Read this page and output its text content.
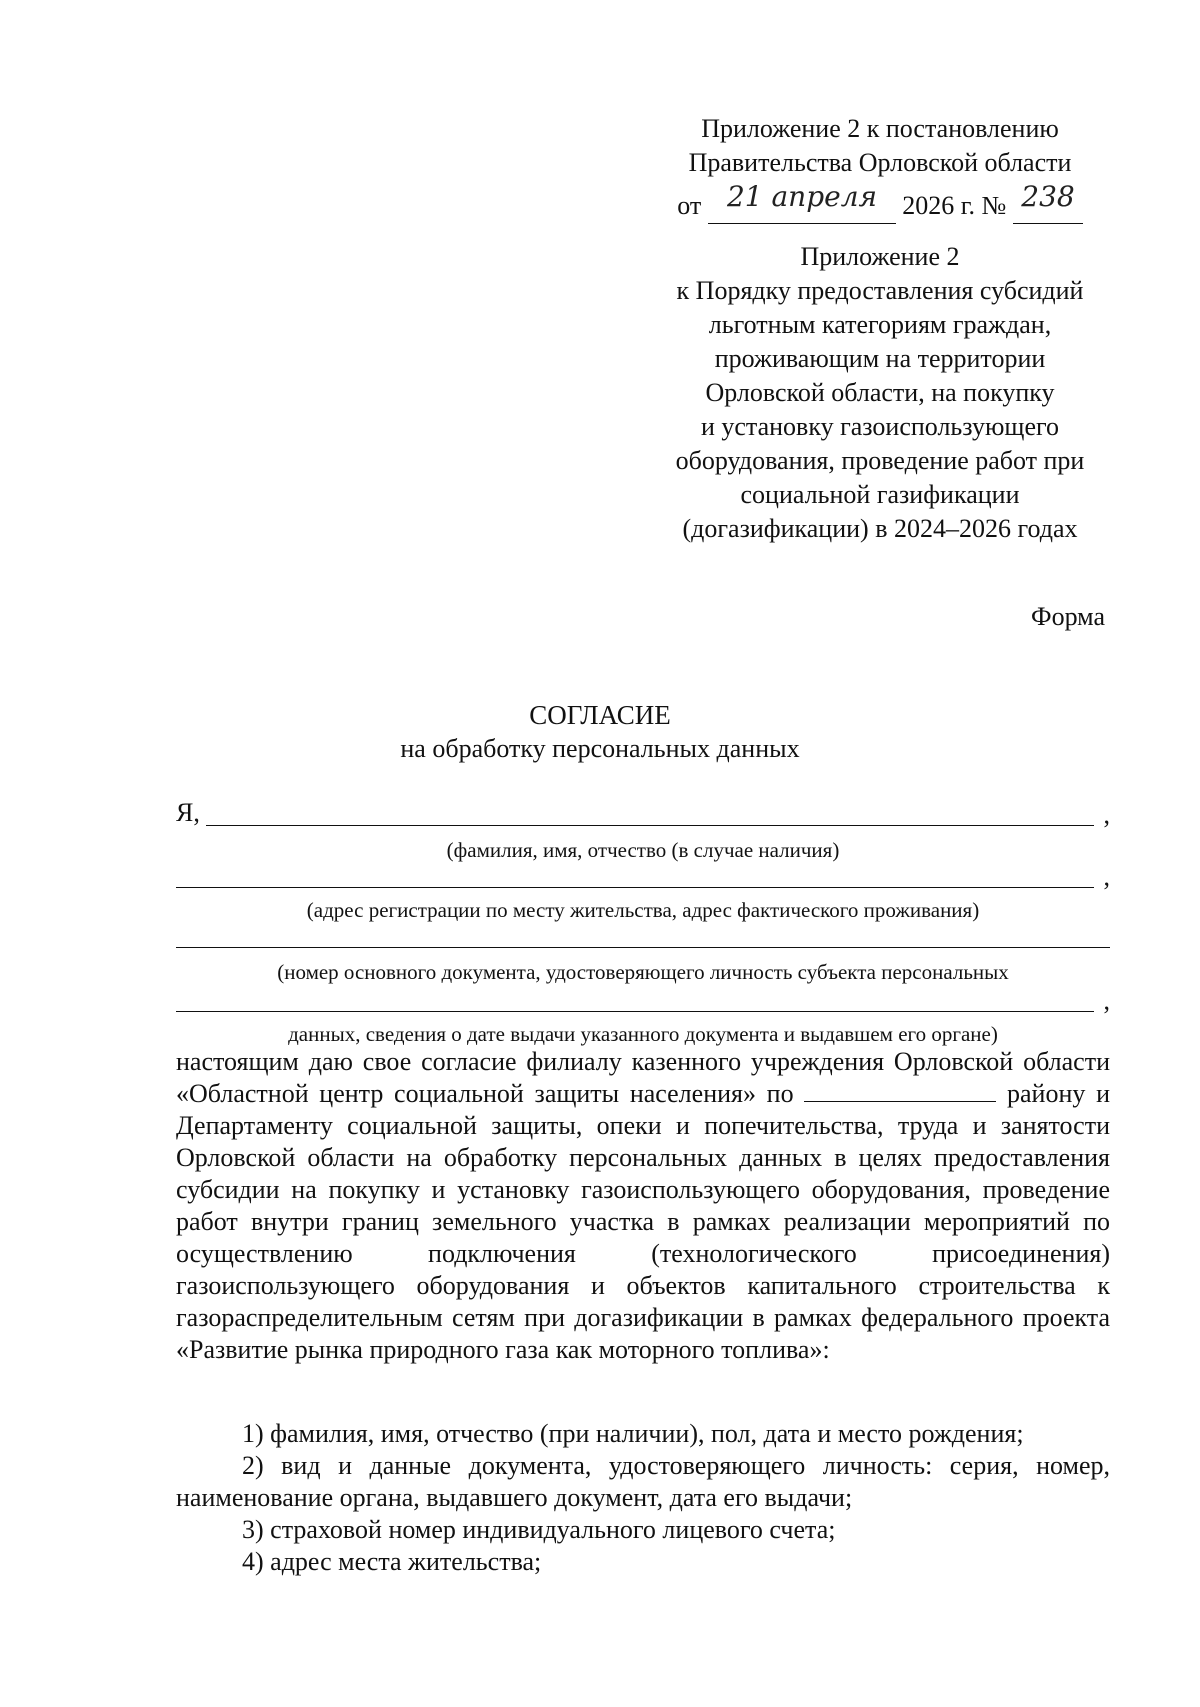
Приложение 2 к постановлению
Правительства Орловской области
от 21 апреля 2026 г. № 238
Приложение 2
к Порядку предоставления субсидий
льготным категориям граждан,
проживающим на территории
Орловской области, на покупку
и установку газоиспользующего
оборудования, проведение работ при
социальной газификации
(догазификации) в 2024–2026 годах
Форма
СОГЛАСИЕ
на обработку персональных данных
Я,	,
(фамилия, имя, отчество (в случае наличия)
,
(адрес регистрации по месту жительства, адрес фактического проживания)
(номер основного документа, удостоверяющего личность субъекта персональных
,
данных, сведения о дате выдачи указанного документа и выдавшем его органе)
настоящим даю свое согласие филиалу казенного учреждения Орловской области «Областной центр социальной защиты населения» по	району и Департаменту социальной защиты, опеки и попечительства, труда и занятости Орловской области на обработку персональных данных в целях предоставления субсидии на покупку и установку газоиспользующего оборудования, проведение работ внутри границ земельного участка в рамках реализации мероприятий по осуществлению подключения (технологического присоединения) газоиспользующего оборудования и объектов капитального строительства к газораспределительным сетям при догазификации в рамках федерального проекта «Развитие рынка природного газа как моторного топлива»:
1) фамилия, имя, отчество (при наличии), пол, дата и место рождения;
2) вид и данные документа, удостоверяющего личность: серия, номер, наименование органа, выдавшего документ, дата его выдачи;
3) страховой номер индивидуального лицевого счета;
4) адрес места жительства;
